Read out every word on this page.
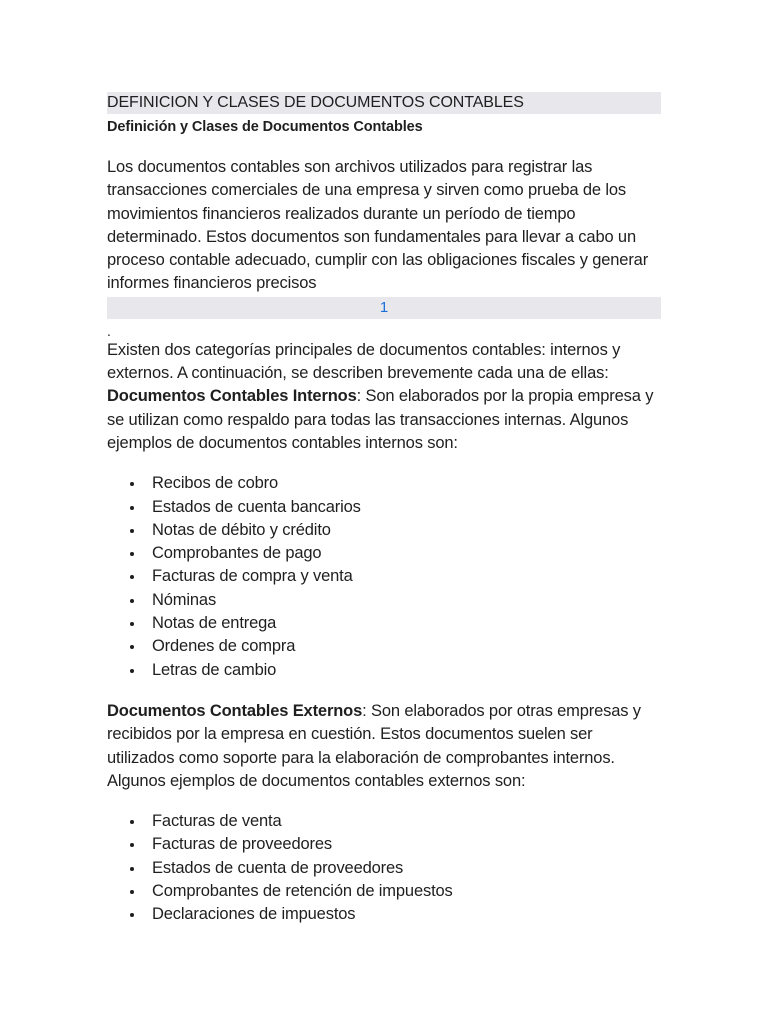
DEFINICION Y CLASES DE DOCUMENTOS CONTABLES
Definición y Clases de Documentos Contables

Los documentos contables son archivos utilizados para registrar las transacciones comerciales de una empresa y sirven como prueba de los movimientos financieros realizados durante un período de tiempo determinado. Estos documentos son fundamentales para llevar a cabo un proceso contable adecuado, cumplir con las obligaciones fiscales y generar informes financieros precisos

1
.

Existen dos categorías principales de documentos contables: internos y externos. A continuación, se describen brevemente cada una de ellas:

Documentos Contables Internos: Son elaborados por la propia empresa y se utilizan como respaldo para todas las transacciones internas. Algunos ejemplos de documentos contables internos son:

Recibos de cobro
Estados de cuenta bancarios
Notas de débito y crédito
Comprobantes de pago
Facturas de compra y venta
Nóminas
Notas de entrega
Ordenes de compra
Letras de cambio

Documentos Contables Externos: Son elaborados por otras empresas y recibidos por la empresa en cuestión. Estos documentos suelen ser utilizados como soporte para la elaboración de comprobantes internos. Algunos ejemplos de documentos contables externos son:

Facturas de venta
Facturas de proveedores
Estados de cuenta de proveedores
Comprobantes de retención de impuestos
Declaraciones de impuestos
